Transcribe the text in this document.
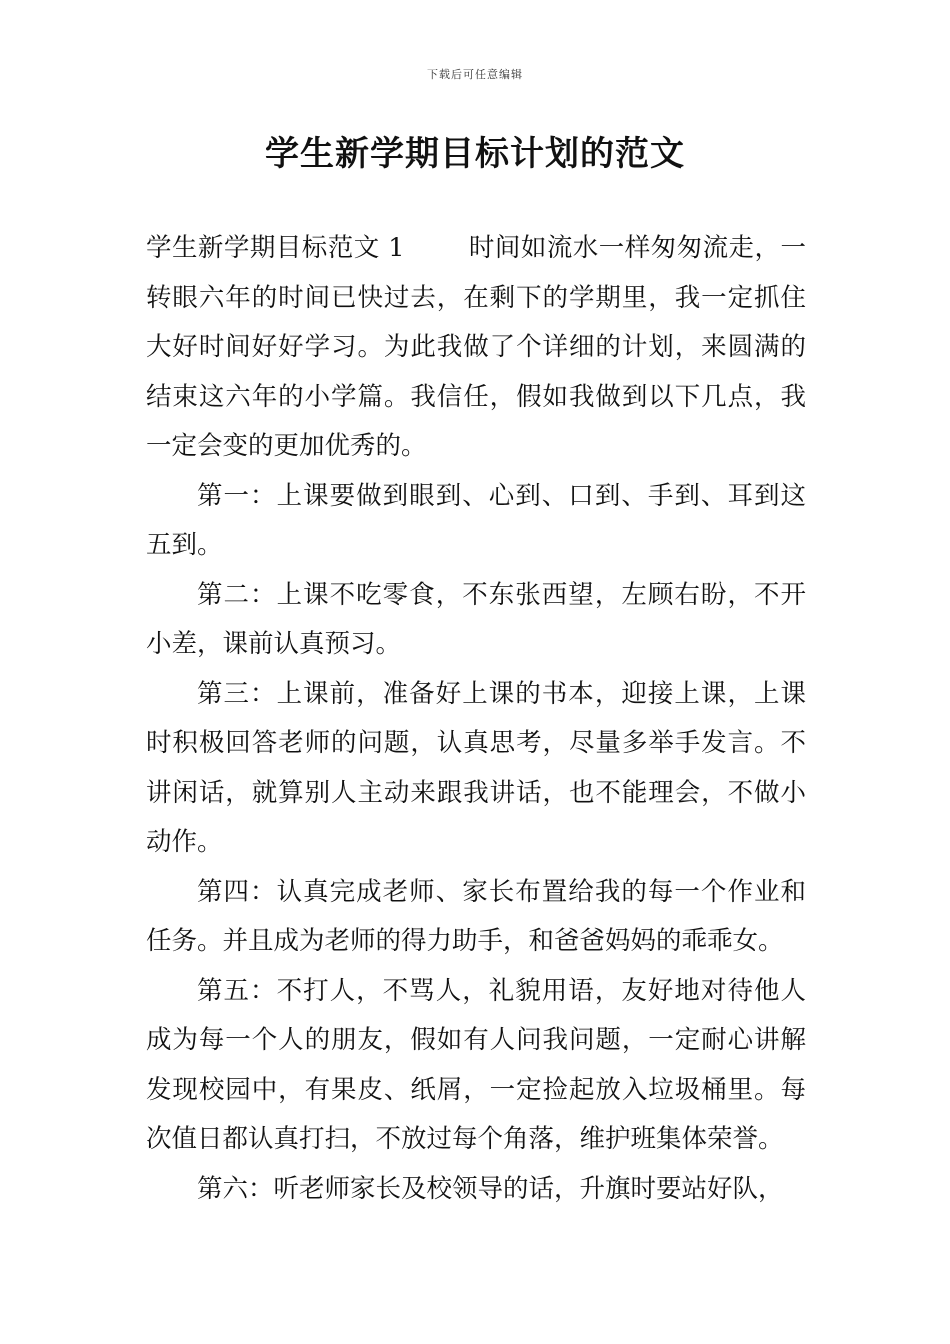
下载后可任意编辑
学生新学期目标计划的范文

学生新学期目标范文 1	时间如流水一样匆匆流走，一转眼六年的时间已快过去，在剩下的学期里，我一定抓住大好时间好好学习。为此我做了个详细的计划，来圆满的结束这六年的小学篇。我信任，假如我做到以下几点，我一定会变的更加优秀的。

第一：上课要做到眼到、心到、口到、手到、耳到这五到。

第二：上课不吃零食，不东张西望，左顾右盼，不开小差，课前认真预习。

第三：上课前，准备好上课的书本，迎接上课，上课时积极回答老师的问题，认真思考，尽量多举手发言。不讲闲话，就算别人主动来跟我讲话，也不能理会，不做小动作。

第四：认真完成老师、家长布置给我的每一个作业和任务。并且成为老师的得力助手，和爸爸妈妈的乖乖女。

第五：不打人，不骂人，礼貌用语，友好地对待他人成为每一个人的朋友，假如有人问我问题，一定耐心讲解发现校园中，有果皮、纸屑，一定捡起放入垃圾桶里。每次值日都认真打扫，不放过每个角落，维护班集体荣誉。

第六：听老师家长及校领导的话，升旗时要站好队，
